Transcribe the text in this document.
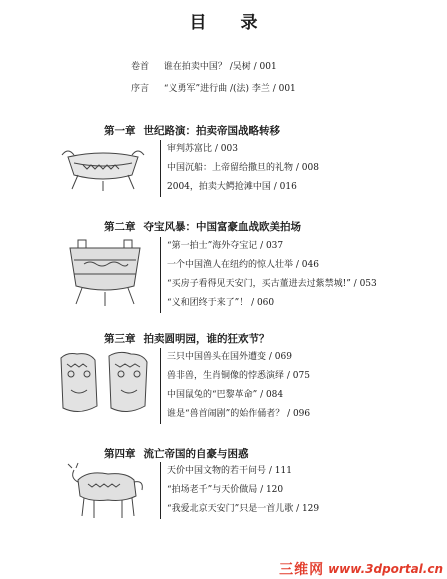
目 录
卷首 谁在拍卖中国？ /吴树 / 001
序言 “义勇军”进行曲 /(法) 李兰 / 001
第一章 世纪路演：拍卖帝国战略转移
审判苏富比 / 003
中国沉船：上帝留给撒旦的礼物 / 008
2004，拍卖大鳄抢滩中国 / 016
第二章 夺宝风暴：中国富豪血战欧美拍场
“第一拍士”海外夺宝记 / 037
一个中国渔人在纽约的惊人壮举 / 046
“买房子看得见天安门，买古董进去过紫禁城!” / 053
“义和团终于来了”！ / 060
第三章 拍卖圆明园，谁的狂欢节？
三只中国兽头在国外遭变 / 069
兽非兽，生肖铜像的悖悉演绎 / 075
中国鼠兔的“巴黎革命” / 084
谁是“兽首闹剧”的始作俑者？ / 096
第四章 流亡帝国的自豪与困惑
天价中国文物的若干问号 / 111
“拍场老千”与天价做局 / 120
“我爱北京天安门”只是一首儿歌 / 129
三维网 www.3dportal.cn
